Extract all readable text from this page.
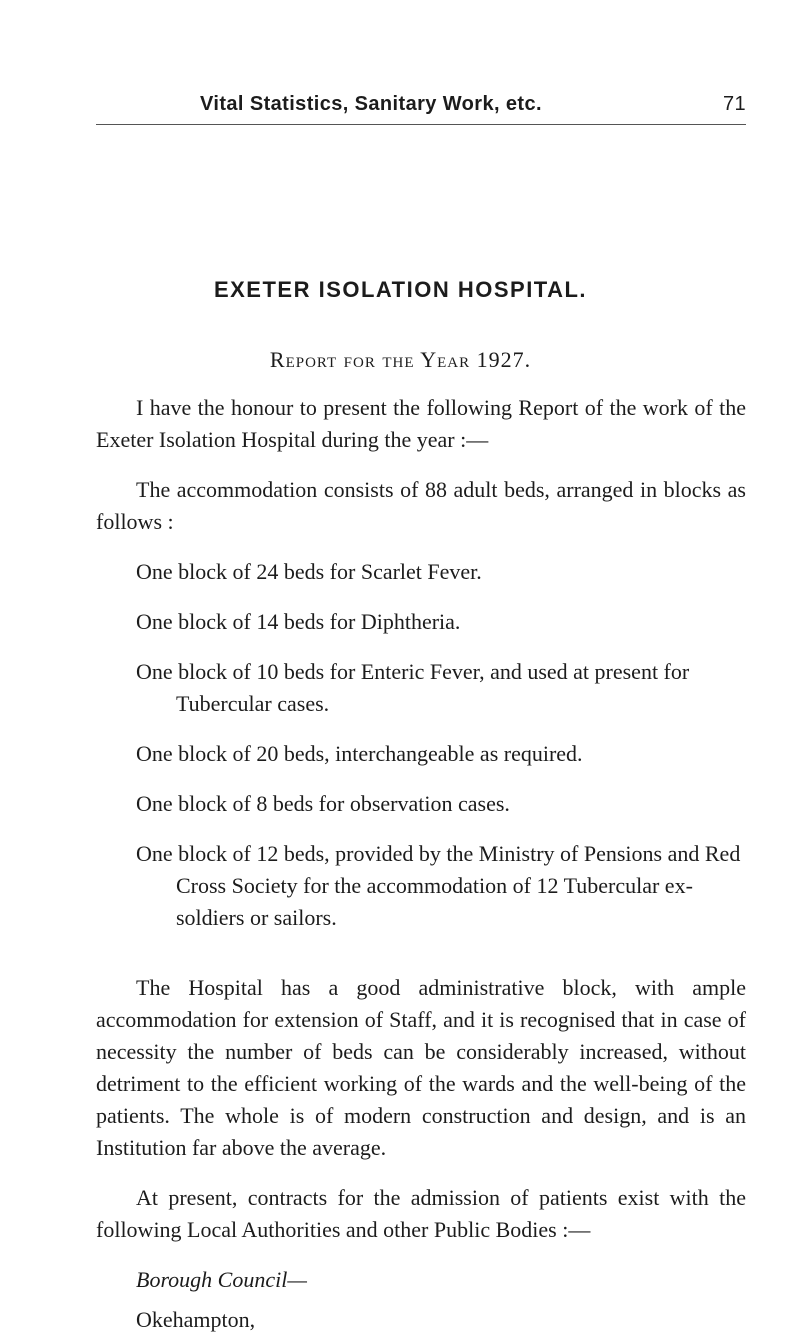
Vital Statistics, Sanitary Work, etc.	71
EXETER ISOLATION HOSPITAL.
Report for the Year 1927.

I have the honour to present the following Report of the work of the Exeter Isolation Hospital during the year :—

The accommodation consists of 88 adult beds, arranged in blocks as follows :

One block of 24 beds for Scarlet Fever.

One block of 14 beds for Diphtheria.

One block of 10 beds for Enteric Fever, and used at present for Tubercular cases.

One block of 20 beds, interchangeable as required.

One block of 8 beds for observation cases.

One block of 12 beds, provided by the Ministry of Pensions and Red Cross Society for the accommodation of 12 Tubercular ex-soldiers or sailors.

The Hospital has a good administrative block, with ample accommodation for extension of Staff, and it is recognised that in case of necessity the number of beds can be considerably increased, without detriment to the efficient working of the wards and the well-being of the patients. The whole is of modern construction and design, and is an Institution far above the average.

At present, contracts for the admission of patients exist with the following Local Authorities and other Public Bodies :—

Borough Council—

Okehampton,
